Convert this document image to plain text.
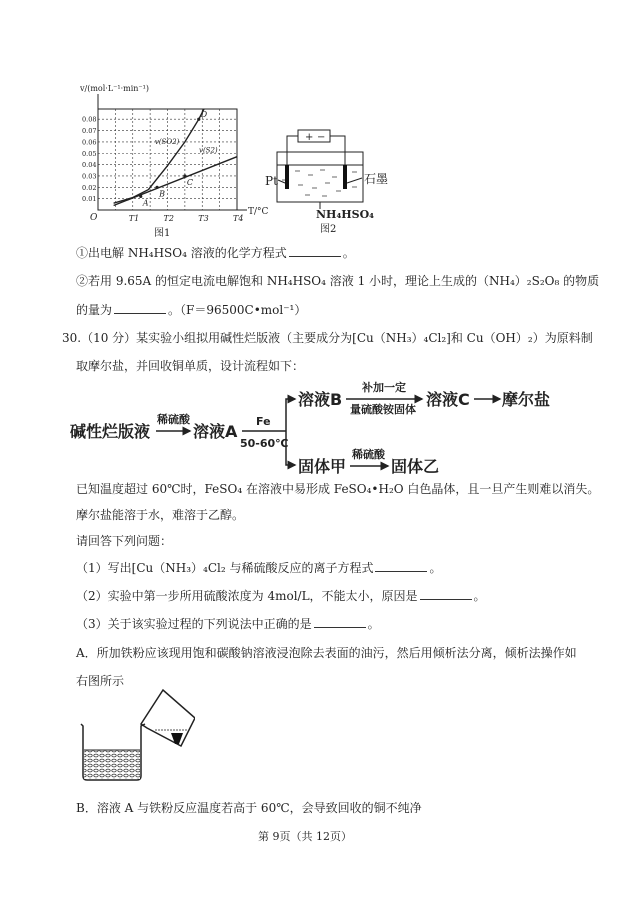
0.01
0.02
0.03
0.04
0.05
0.06
0.07
0.08
T1	T2	T3	T4
v(SO2)
v(S2)
A
B
C
D
v/(mol·L⁻¹·min⁻¹)
T/°C
O
图1
+ −
Pt	石墨
NH₄HSO₄
图2
①出电解 NH₄HSO₄ 溶液的化学方程式	。
②若用 9.65A 的恒定电流电解饱和 NH₄HSO₄ 溶液 1 小时，理论上生成的（NH₄）₂S₂O₈ 的物质
的量为	。（F＝96500C•mol⁻¹）
30.（10 分）某实验小组拟用碱性烂版液（主要成分为[Cu（NH₃）₄Cl₂]和 Cu（OH）₂）为原料制
取摩尔盐，并回收铜单质，设计流程如下：
碱性烂版液
稀硫酸
溶液A
Fe
50-60℃
溶液B
补加一定
量硫酸铵固体
溶液C 摩尔盐
固体甲
稀硫酸
固体乙
已知温度超过 60℃时，FeSO₄ 在溶液中易形成 FeSO₄•H₂O 白色晶体，且一旦产生则难以消失。
摩尔盐能溶于水，难溶于乙醇。
请回答下列问题：
（1）写出[Cu（NH₃）₄Cl₂ 与稀硫酸反应的离子方程式	。
（2）实验中第一步所用硫酸浓度为 4mol/L，不能太小，原因是	。
（3）关于该实验过程的下列说法中正确的是	。
A．所加铁粉应该现用饱和碳酸钠溶液浸泡除去表面的油污，然后用倾析法分离，倾析法操作如
右图所示
B．溶液 A 与铁粉反应温度若高于 60℃，会导致回收的铜不纯净
第 9页（共 12页）
